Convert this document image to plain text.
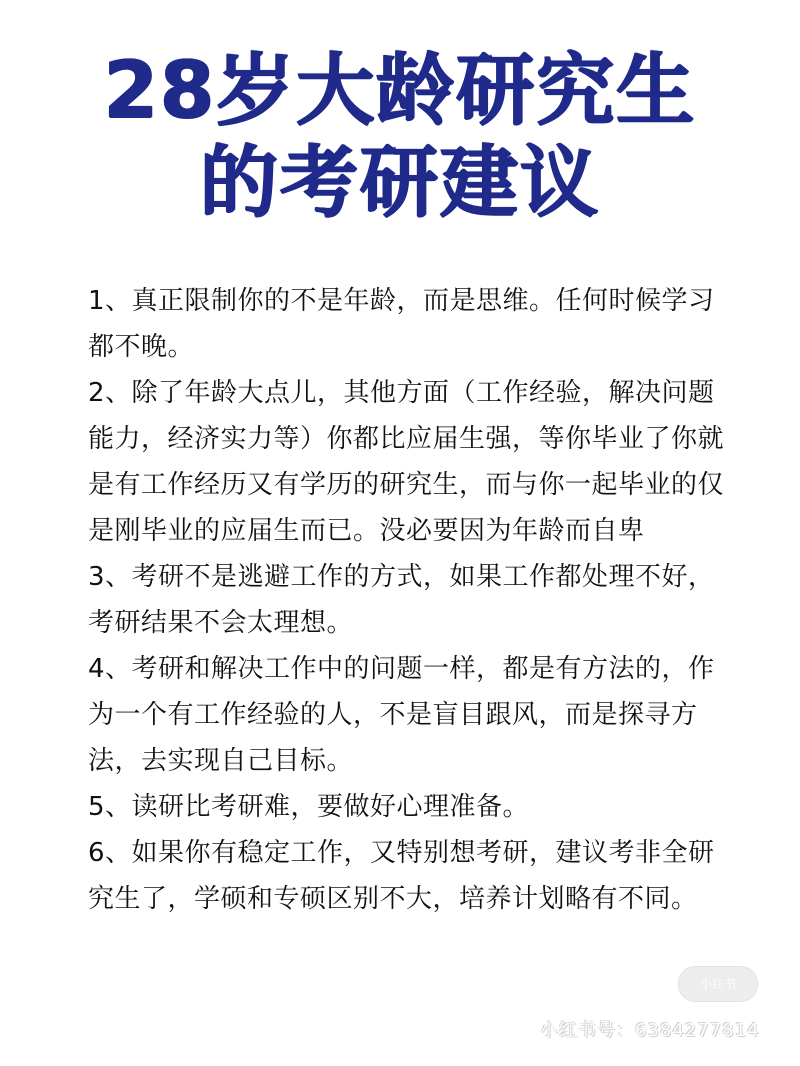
28岁大龄研究生
的考研建议

1、真正限制你的不是年龄，而是思维。任何时候学习都不晚。

2、除了年龄大点儿，其他方面（工作经验，解决问题能力，经济实力等）你都比应届生强，等你毕业了你就是有工作经历又有学历的研究生，而与你一起毕业的仅是刚毕业的应届生而已。没必要因为年龄而自卑

3、考研不是逃避工作的方式，如果工作都处理不好，考研结果不会太理想。

4、考研和解决工作中的问题一样，都是有方法的，作为一个有工作经验的人，不是盲目跟风，而是探寻方法，去实现自己目标。

5、读研比考研难，要做好心理准备。

6、如果你有稳定工作，又特别想考研，建议考非全研究生了，学硕和专硕区别不大，培养计划略有不同。

小红书
小红书号：6384277814
